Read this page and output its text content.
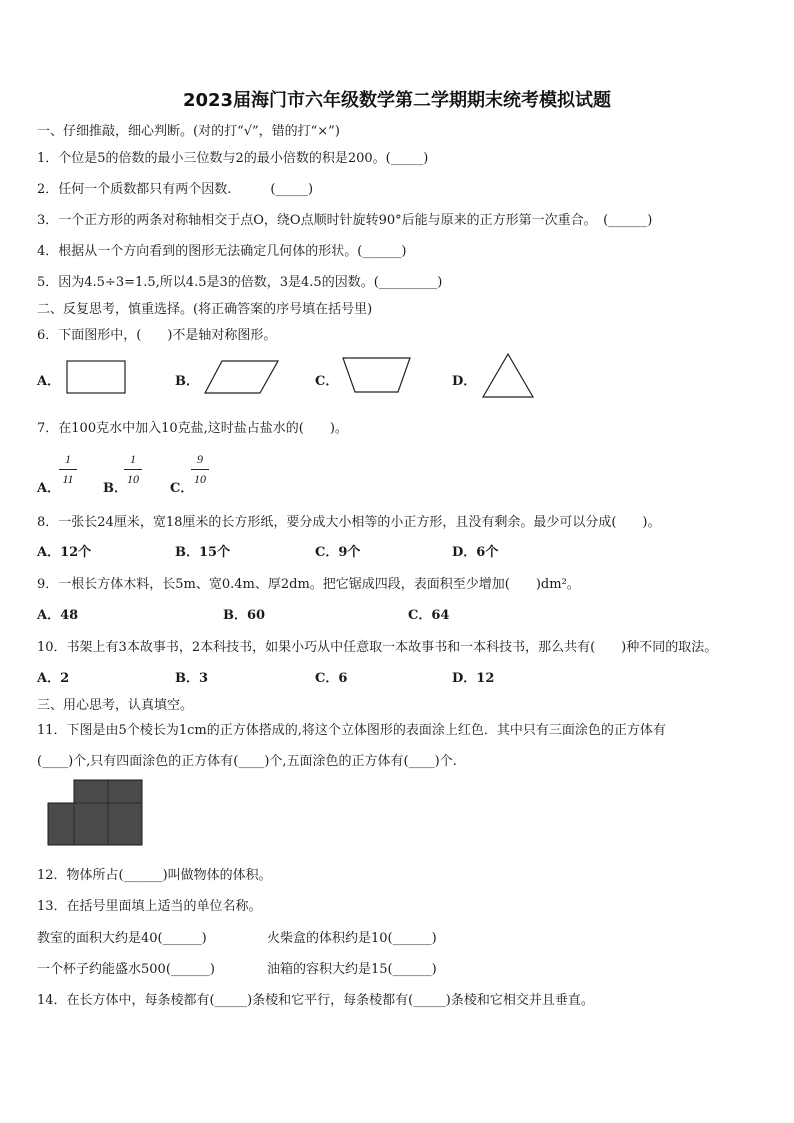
2023届海门市六年级数学第二学期期末统考模拟试题
一、仔细推敲，细心判断。(对的打“√”，错的打“×”)
1．个位是5的倍数的最小三位数与2的最小倍数的积是200。(_____)
2．任何一个质数都只有两个因数.　　　(_____)
3．一个正方形的两条对称轴相交于点O，绕O点顺时针旋转90°后能与原来的正方形第一次重合。　(______)
4．根据从一个方向看到的图形无法确定几何体的形状。(______)
5．因为4.5÷3=1.5,所以4.5是3的倍数，3是4.5的因数。(_________)
二、反复思考，慎重选择。(将正确答案的序号填在括号里)
6．下面图形中，(　　)不是轴对称图形。
A．	B．	C．	D．
7．在100克水中加入10克盐,这时盐占盐水的(　　)。
A．
1
11
B．
1
10
C．
9
10
8．一张长24厘米，宽18厘米的长方形纸，要分成大小相等的小正方形，且没有剩余。最少可以分成(　　)。
A．12个	B．15个	C．9个	D．6个
9．一根长方体木料，长5m、宽0.4m、厚2dm。把它锯成四段，表面积至少增加(　　)dm²。
A．48	B．60	C．64
10．书架上有3本故事书，2本科技书，如果小巧从中任意取一本故事书和一本科技书，那么共有(　　)种不同的取法。
A．2	B．3	C．6	D．12
三、用心思考，认真填空。
11．下图是由5个棱长为1cm的正方体搭成的,将这个立体图形的表面涂上红色．其中只有三面涂色的正方体有
(____)个,只有四面涂色的正方体有(____)个,五面涂色的正方体有(____)个.
12．物体所占(______)叫做物体的体积。
13．在括号里面填上适当的单位名称。
教室的面积大约是40(______)	火柴盒的体积约是10(______)
一个杯子约能盛水500(______)	油箱的容积大约是15(______)
14．在长方体中，每条棱都有(_____)条棱和它平行，每条棱都有(_____)条棱和它相交并且垂直。
